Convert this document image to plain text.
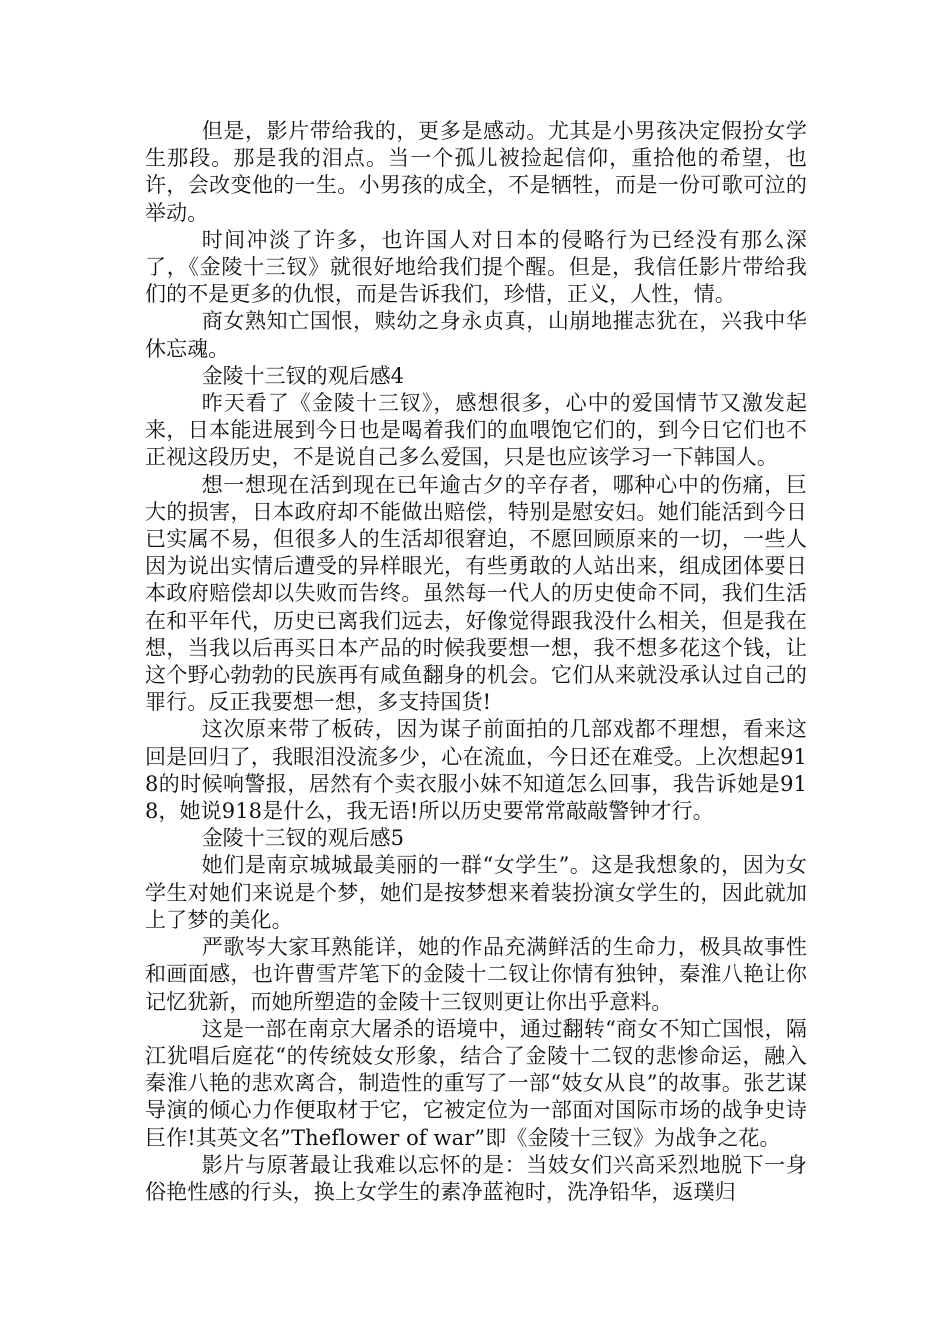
但是，影片带给我的，更多是感动。尤其是小男孩决定假扮女学生那段。那是我的泪点。当一个孤儿被捡起信仰，重拾他的希望，也许，会改变他的一生。小男孩的成全，不是牺牲，而是一份可歌可泣的举动。

时间冲淡了许多，也许国人对日本的侵略行为已经没有那么深了，《金陵十三钗》就很好地给我们提个醒。但是，我信任影片带给我们的不是更多的仇恨，而是告诉我们，珍惜，正义，人性，情。

商女熟知亡国恨，赎幼之身永贞真，山崩地摧志犹在，兴我中华休忘魂。

金陵十三钗的观后感4

昨天看了《金陵十三钗》，感想很多，心中的爱国情节又激发起来，日本能进展到今日也是喝着我们的血喂饱它们的，到今日它们也不正视这段历史，不是说自己多么爱国，只是也应该学习一下韩国人。

想一想现在活到现在已年逾古夕的辛存者，哪种心中的伤痛，巨大的损害，日本政府却不能做出赔偿，特别是慰安妇。她们能活到今日已实属不易，但很多人的生活却很窘迫，不愿回顾原来的一切，一些人因为说出实情后遭受的异样眼光，有些勇敢的人站出来，组成团体要日本政府赔偿却以失败而告终。虽然每一代人的历史使命不同，我们生活在和平年代，历史已离我们远去，好像觉得跟我没什么相关，但是我在想，当我以后再买日本产品的时候我要想一想，我不想多花这个钱，让这个野心勃勃的民族再有咸鱼翻身的机会。它们从来就没承认过自己的罪行。反正我要想一想，多支持国货!

这次原来带了板砖，因为谋子前面拍的几部戏都不理想，看来这回是回归了，我眼泪没流多少，心在流血，今日还在难受。上次想起918的时候响警报，居然有个卖衣服小妹不知道怎么回事，我告诉她是918，她说918是什么，我无语!所以历史要常常敲敲警钟才行。

金陵十三钗的观后感5

她们是南京城城最美丽的一群“女学生”。这是我想象的，因为女学生对她们来说是个梦，她们是按梦想来着装扮演女学生的，因此就加上了梦的美化。

严歌岑大家耳熟能详，她的作品充满鲜活的生命力，极具故事性和画面感，也许曹雪芹笔下的金陵十二钗让你情有独钟，秦淮八艳让你记忆犹新，而她所塑造的金陵十三钗则更让你出乎意料。

这是一部在南京大屠杀的语境中，通过翻转“商女不知亡国恨，隔江犹唱后庭花“的传统妓女形象，结合了金陵十二钗的悲惨命运，融入秦淮八艳的悲欢离合，制造性的重写了一部“妓女从良”的故事。张艺谋导演的倾心力作便取材于它，它被定位为一部面对国际市场的战争史诗巨作!其英文名”Theflower of war”即《金陵十三钗》为战争之花。

影片与原著最让我难以忘怀的是：当妓女们兴高采烈地脱下一身俗艳性感的行头，换上女学生的素净蓝袍时，洗净铅华，返璞归
